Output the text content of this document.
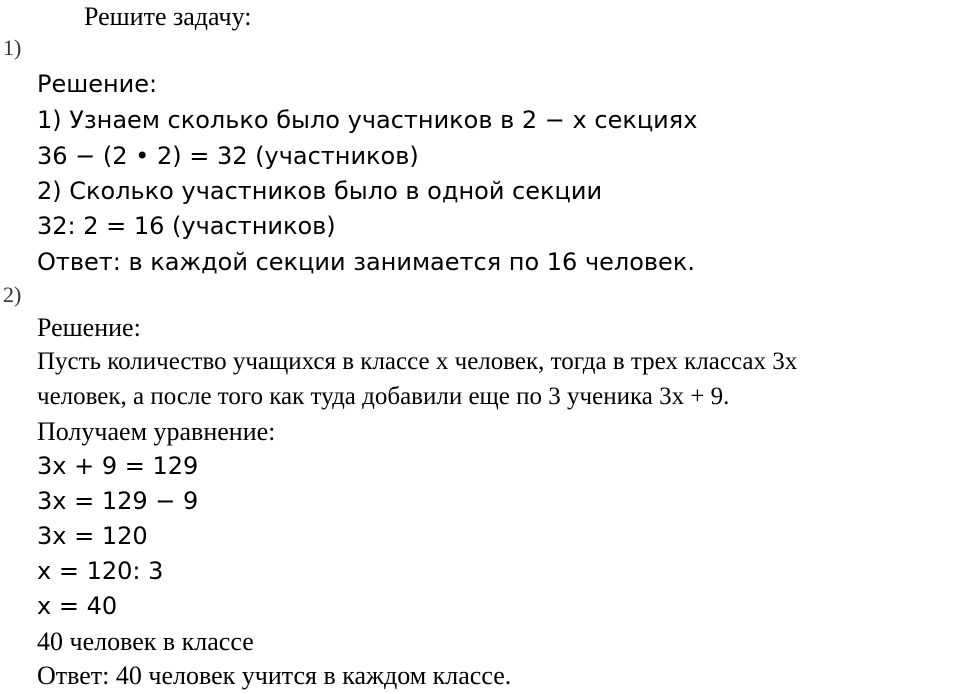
Решите задачу:
1)
Решение:
1) Узнаем сколько было участников в 2 − х секциях
36 − (2 • 2) = 32 (участников)
2) Сколько участников было в одной секции
32: 2 = 16 (участников)
Ответ: в каждой секции занимается по 16 человек.
2)
Решение:
Пусть количество учащихся в классе x человек, тогда в трех классах 3x
человек, а после того как туда добавили еще по 3 ученика 3x + 9.
Получаем уравнение:
3x + 9 = 129
3x = 129 − 9
3x = 120
x = 120: 3
x = 40
40 человек в классе
Ответ: 40 человек учится в каждом классе.
